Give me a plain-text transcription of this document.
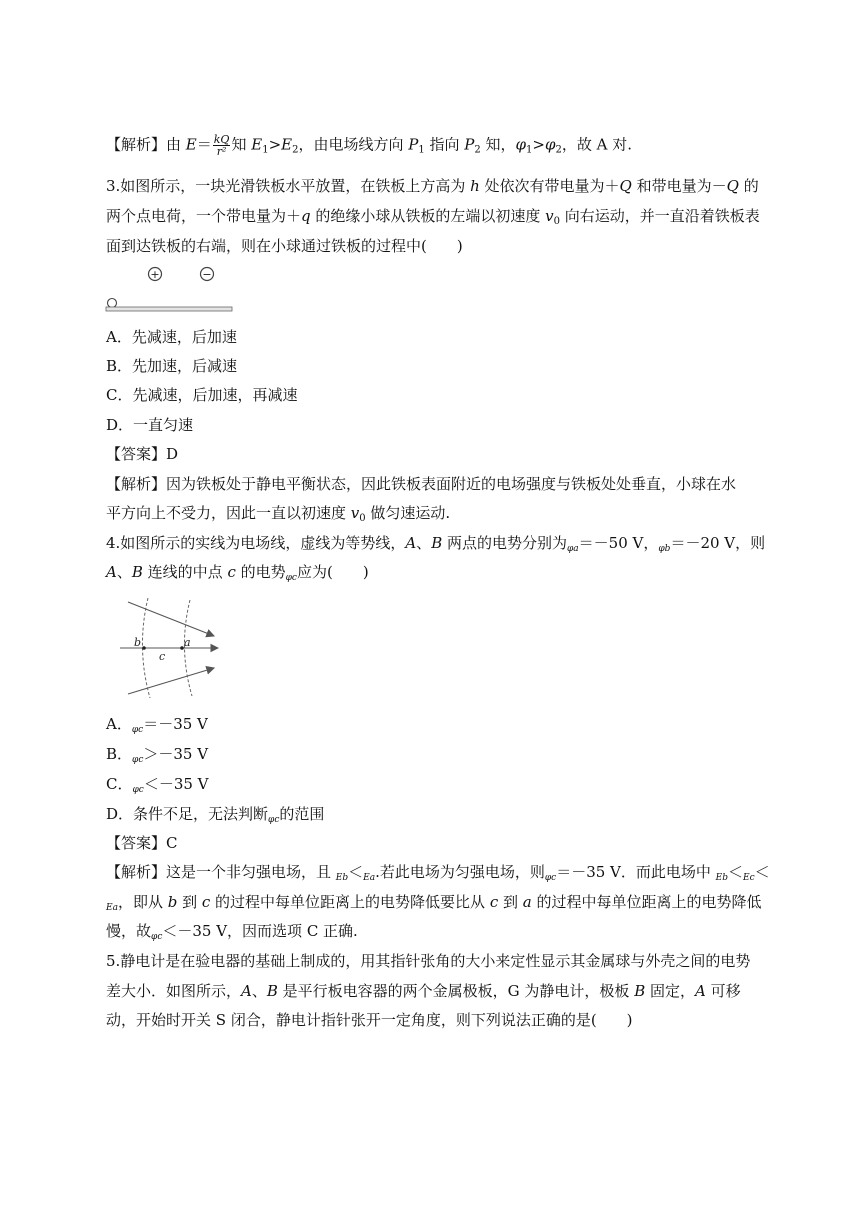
【解析】由 $E= \frac{kQ}{\text{r²}}$ 知 $E_1>E_2$，由电场线方向 $P_1$ 指向 $P_2$ 知，$\varphi_1>\varphi_2$，故 A 对.
3.如图所示，一块光滑铁板水平放置，在铁板上方高为 h 处依次有带电量为＋Q 和带电量为－Q 的
两个点电荷，一个带电量为＋q 的绝缘小球从铁板的左端以初速度 $v_0$ 向右运动，并一直沿着铁板表
面到达铁板的右端，则在小球通过铁板的过程中(　　)
+	−
A．先减速，后加速
B．先加速，后减速
C．先减速，后加速，再减速
D．一直匀速
【答案】D
【解析】因为铁板处于静电平衡状态，因此铁板表面附近的电场强度与铁板处处垂直，小球在水
平方向上不受力，因此一直以初速度 $v_0$ 做匀速运动.
4.如图所示的实线为电场线，虚线为等势线，A、B 两点的电势分别为$_{\varphi a}$＝－50 V，$_{\varphi b}$＝－20 V，则
A、B 连线的中点 c 的电势$_{\varphi c}$应为(　　)
b
c
a
A．$_{\varphi c}$＝－35 V
B．$_{\varphi c}$＞－35 V
C．$_{\varphi c}$＜－35 V
D．条件不足，无法判断$_{\varphi c}$的范围
【答案】C
【解析】这是一个非匀强电场，且 $_{Eb}<_{Ea}$.若此电场为匀强电场，则$_{\varphi c}$＝－35 V．而此电场中 $_{Eb}<_{Ec}<$
$_{Ea}$，即从 b 到 c 的过程中每单位距离上的电势降低要比从 c 到 a 的过程中每单位距离上的电势降低
慢，故$_{\varphi c}$＜－35 V，因而选项 C 正确.
5.静电计是在验电器的基础上制成的，用其指针张角的大小来定性显示其金属球与外壳之间的电势
差大小．如图所示，A、B 是平行板电容器的两个金属极板，G 为静电计，极板 B 固定，A 可移
动，开始时开关 S 闭合，静电计指针张开一定角度，则下列说法正确的是(　　)
